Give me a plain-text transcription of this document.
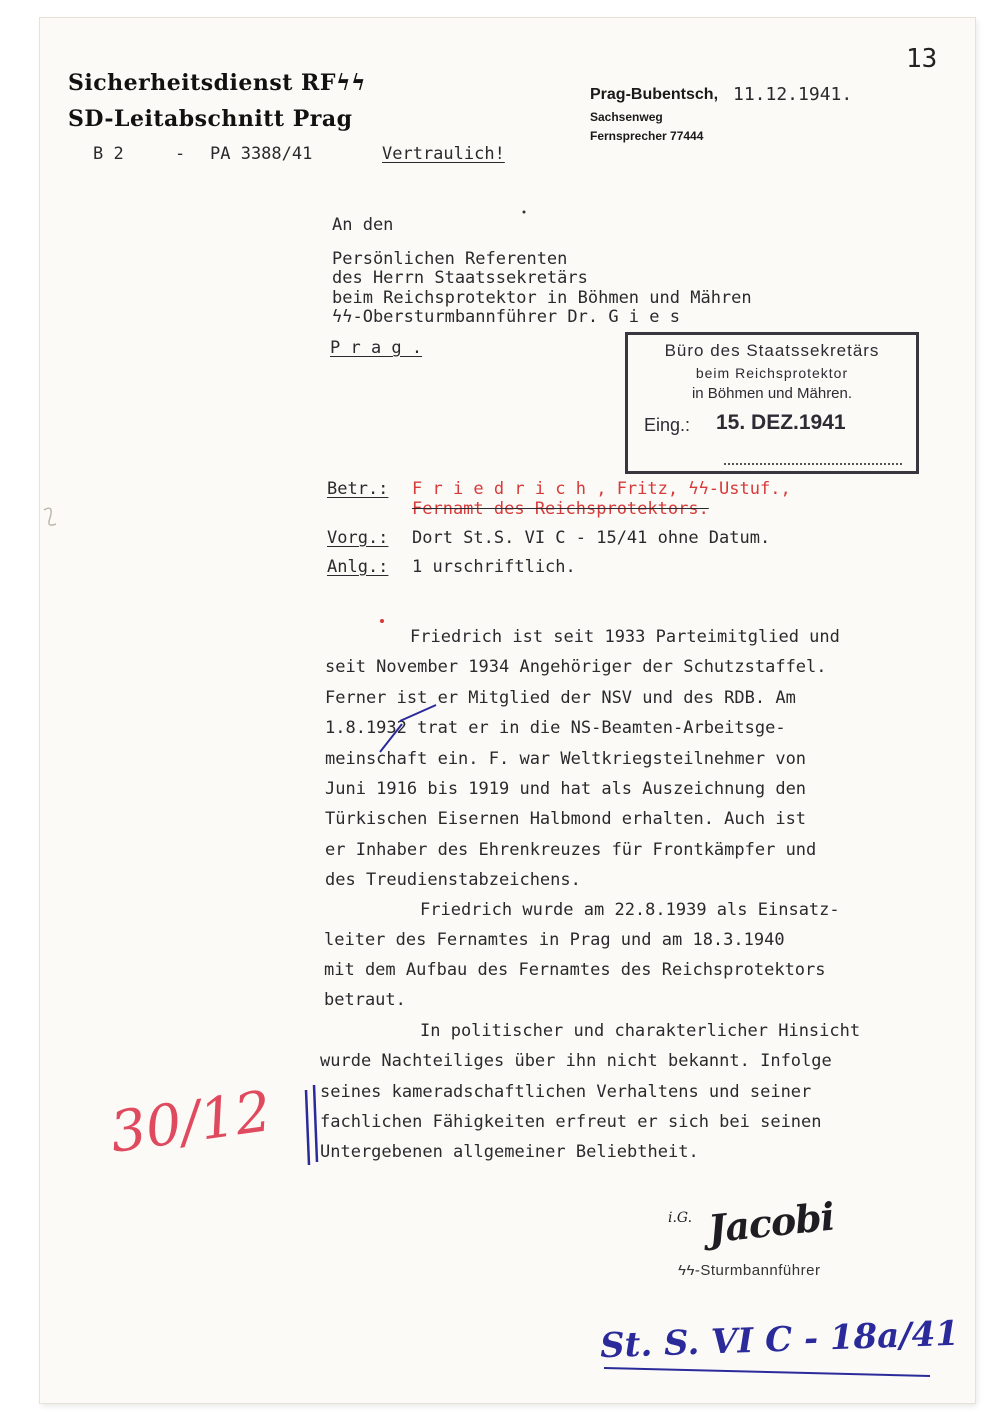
13
Sicherheitsdienst RFϟϟ
SD-Leitabschnitt Prag
B 2	- PA 3388/41	Vertraulich!
Prag-Bubentsch, 11.12.1941.
Sachsenweg
Fernsprecher 77444
An den
Persönlichen Referenten
des Herrn Staatssekretärs
beim Reichsprotektor in Böhmen und Mähren
ϟϟ-Obersturmbannführer Dr. G i e s
P r a g .	Büro des Staatssekretärs
beim Reichsprotektor
in Böhmen und Mähren.
Eing.: 15. DEZ.1941
Betr.: F r i e d r i c h , Fritz, ϟϟ-Ustuf.,
Fernamt des Reichsprotektors.
Vorg.: Dort St.S. VI C - 15/41 ohne Datum.
Anlg.: 1 urschriftlich.
Friedrich ist seit 1933 Parteimitglied und
seit November 1934 Angehöriger der Schutzstaffel.
Ferner ist er Mitglied der NSV und des RDB. Am
1.8.1932 trat er in die NS-Beamten-Arbeitsge-
meinschaft ein. F. war Weltkriegsteilnehmer von
Juni 1916 bis 1919 und hat als Auszeichnung den
Türkischen Eisernen Halbmond erhalten. Auch ist
er Inhaber des Ehrenkreuzes für Frontkämpfer und
des Treudienstabzeichens.
Friedrich wurde am 22.8.1939 als Einsatz-
leiter des Fernamtes in Prag und am 18.3.1940
mit dem Aufbau des Fernamtes des Reichsprotektors
betraut.
In politischer und charakterlicher Hinsicht
wurde Nachteiliges über ihn nicht bekannt. Infolge
seines kameradschaftlichen Verhaltens und seiner
fachlichen Fähigkeiten erfreut er sich bei seinen
Untergebenen allgemeiner Beliebtheit.
i.G. Jacobi
ϟϟ-Sturmbannführer
30/12
St. S. VI C - 18a/41
